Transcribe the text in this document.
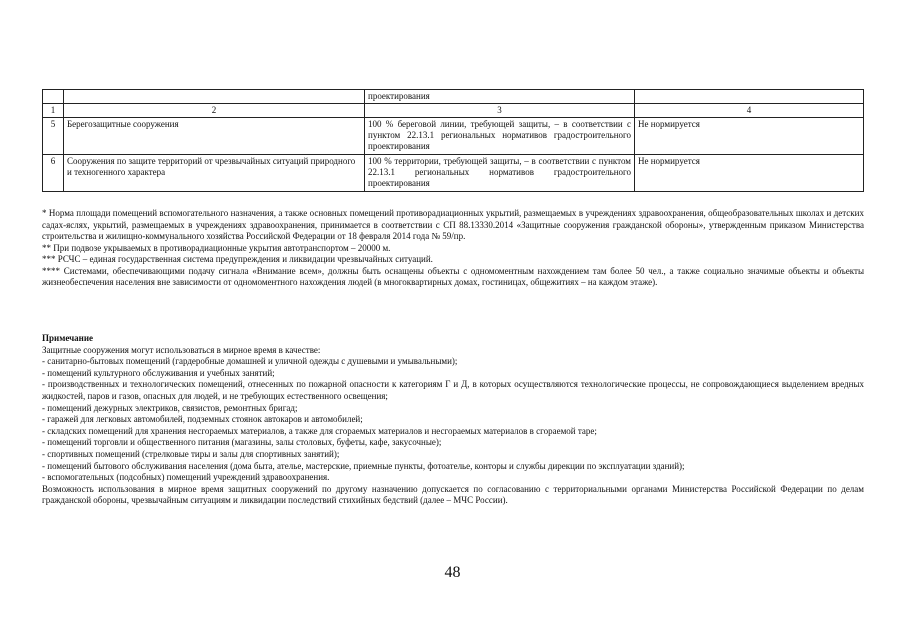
		проектирования	
1	2	3	4
5	Берегозащитные сооружения	100 % береговой линии, требующей защиты, – в соответствии с пунктом 22.13.1 региональных нормативов градостроительного проектирования	Не нормируется
6	Сооружения по защите территорий от чрезвычайных ситуаций природного и техногенного характера	100 % территории, требующей защиты, – в соответствии с пунктом 22.13.1 региональных нормативов градостроительного проектирования	Не нормируется

* Норма площади помещений вспомогательного назначения, а также основных помещений противорадиационных укрытий, размещаемых в учреждениях здравоохранения, общеобразовательных школах и детских садах-яслях, укрытий, размещаемых в учреждениях здравоохранения, принимается в соответствии с СП 88.13330.2014 «Защитные сооружения гражданской обороны», утвержденным приказом Министерства строительства и жилищно-коммунального хозяйства Российской Федерации от 18 февраля 2014 года № 59/пр.

** При подвозе укрываемых в противорадиационные укрытия автотранспортом – 20000 м.

*** РСЧС – единая государственная система предупреждения и ликвидации чрезвычайных ситуаций.

**** Системами, обеспечивающими подачу сигнала «Внимание всем», должны быть оснащены объекты с одномоментным нахождением там более 50 чел., а также социально значимые объекты и объекты жизнеобеспечения населения вне зависимости от одномоментного нахождения людей (в многоквартирных домах, гостиницах, общежитиях – на каждом этаже).

Примечание

Защитные сооружения могут использоваться в мирное время в качестве:

- санитарно-бытовых помещений (гардеробные домашней и уличной одежды с душевыми и умывальными);

- помещений культурного обслуживания и учебных занятий;

- производственных и технологических помещений, отнесенных по пожарной опасности к категориям Г и Д, в которых осуществляются технологические процессы, не сопровождающиеся выделением вредных жидкостей, паров и газов, опасных для людей, и не требующих естественного освещения;

- помещений дежурных электриков, связистов, ремонтных бригад;

- гаражей для легковых автомобилей, подземных стоянок автокаров и автомобилей;

- складских помещений для хранения несгораемых материалов, а также для сгораемых материалов и несгораемых материалов в сгораемой таре;

- помещений торговли и общественного питания (магазины, залы столовых, буфеты, кафе, закусочные);

- спортивных помещений (стрелковые тиры и залы для спортивных занятий);

- помещений бытового обслуживания населения (дома быта, ателье, мастерские, приемные пункты, фотоателье, конторы и службы дирекции по эксплуатации зданий);

- вспомогательных (подсобных) помещений учреждений здравоохранения.

Возможность использования в мирное время защитных сооружений по другому назначению допускается по согласованию с территориальными органами Министерства Российской Федерации по делам гражданской обороны, чрезвычайным ситуациям и ликвидации последствий стихийных бедствий (далее – МЧС России).

48
